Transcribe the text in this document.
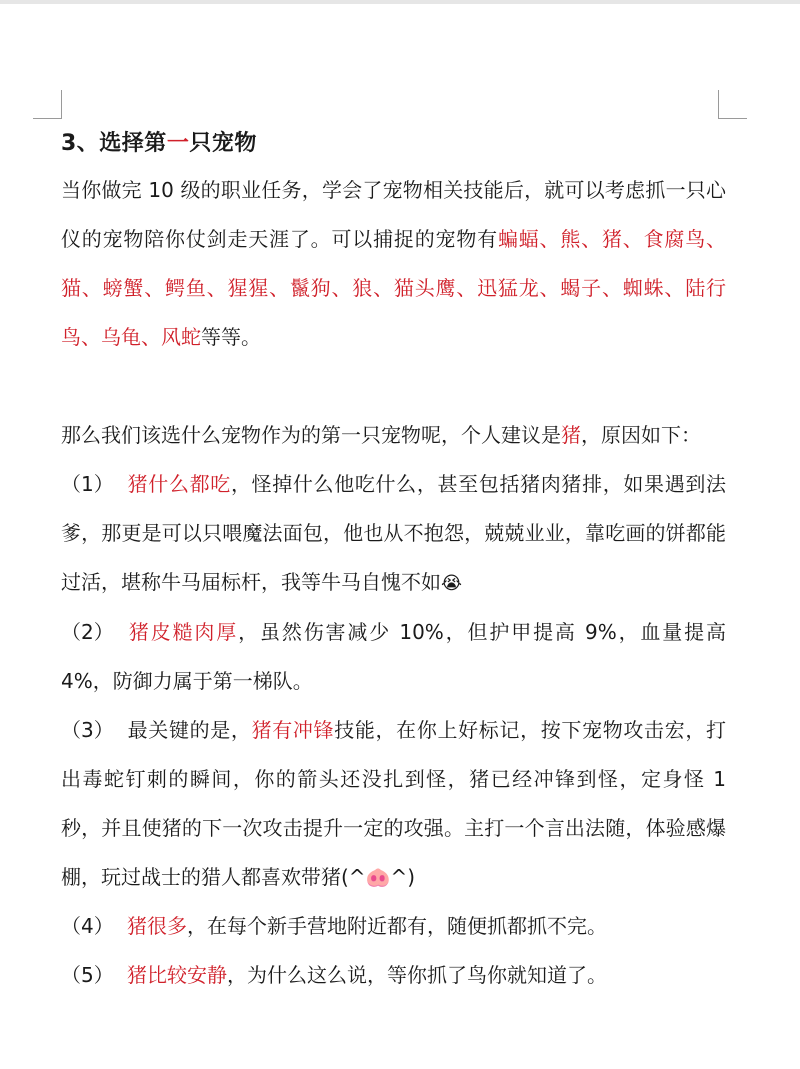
3、选择第一只宠物

当你做完 10 级的职业任务，学会了宠物相关技能后，就可以考虑抓一只心仪的宠物陪你仗剑走天涯了。可以捕捉的宠物有蝙蝠、熊、猪、食腐鸟、猫、螃蟹、鳄鱼、猩猩、鬣狗、狼、猫头鹰、迅猛龙、蝎子、蜘蛛、陆行鸟、乌龟、风蛇等等。

那么我们该选什么宠物作为的第一只宠物呢，个人建议是猪，原因如下：

（1） 猪什么都吃，怪掉什么他吃什么，甚至包括猪肉猪排，如果遇到法爹，那更是可以只喂魔法面包，他也从不抱怨，兢兢业业，靠吃画的饼都能过活，堪称牛马届标杆，我等牛马自愧不如😭

（2） 猪皮糙肉厚，虽然伤害减少 10%，但护甲提高 9%，血量提高 4%，防御力属于第一梯队。

（3） 最关键的是，猪有冲锋技能，在你上好标记，按下宠物攻击宏，打出毒蛇钉刺的瞬间，你的箭头还没扎到怪，猪已经冲锋到怪，定身怪 1 秒，并且使猪的下一次攻击提升一定的攻强。主打一个言出法随，体验感爆棚，玩过战士的猎人都喜欢带猪(^🐽^)

（4） 猪很多，在每个新手营地附近都有，随便抓都抓不完。

（5） 猪比较安静，为什么这么说，等你抓了鸟你就知道了。
